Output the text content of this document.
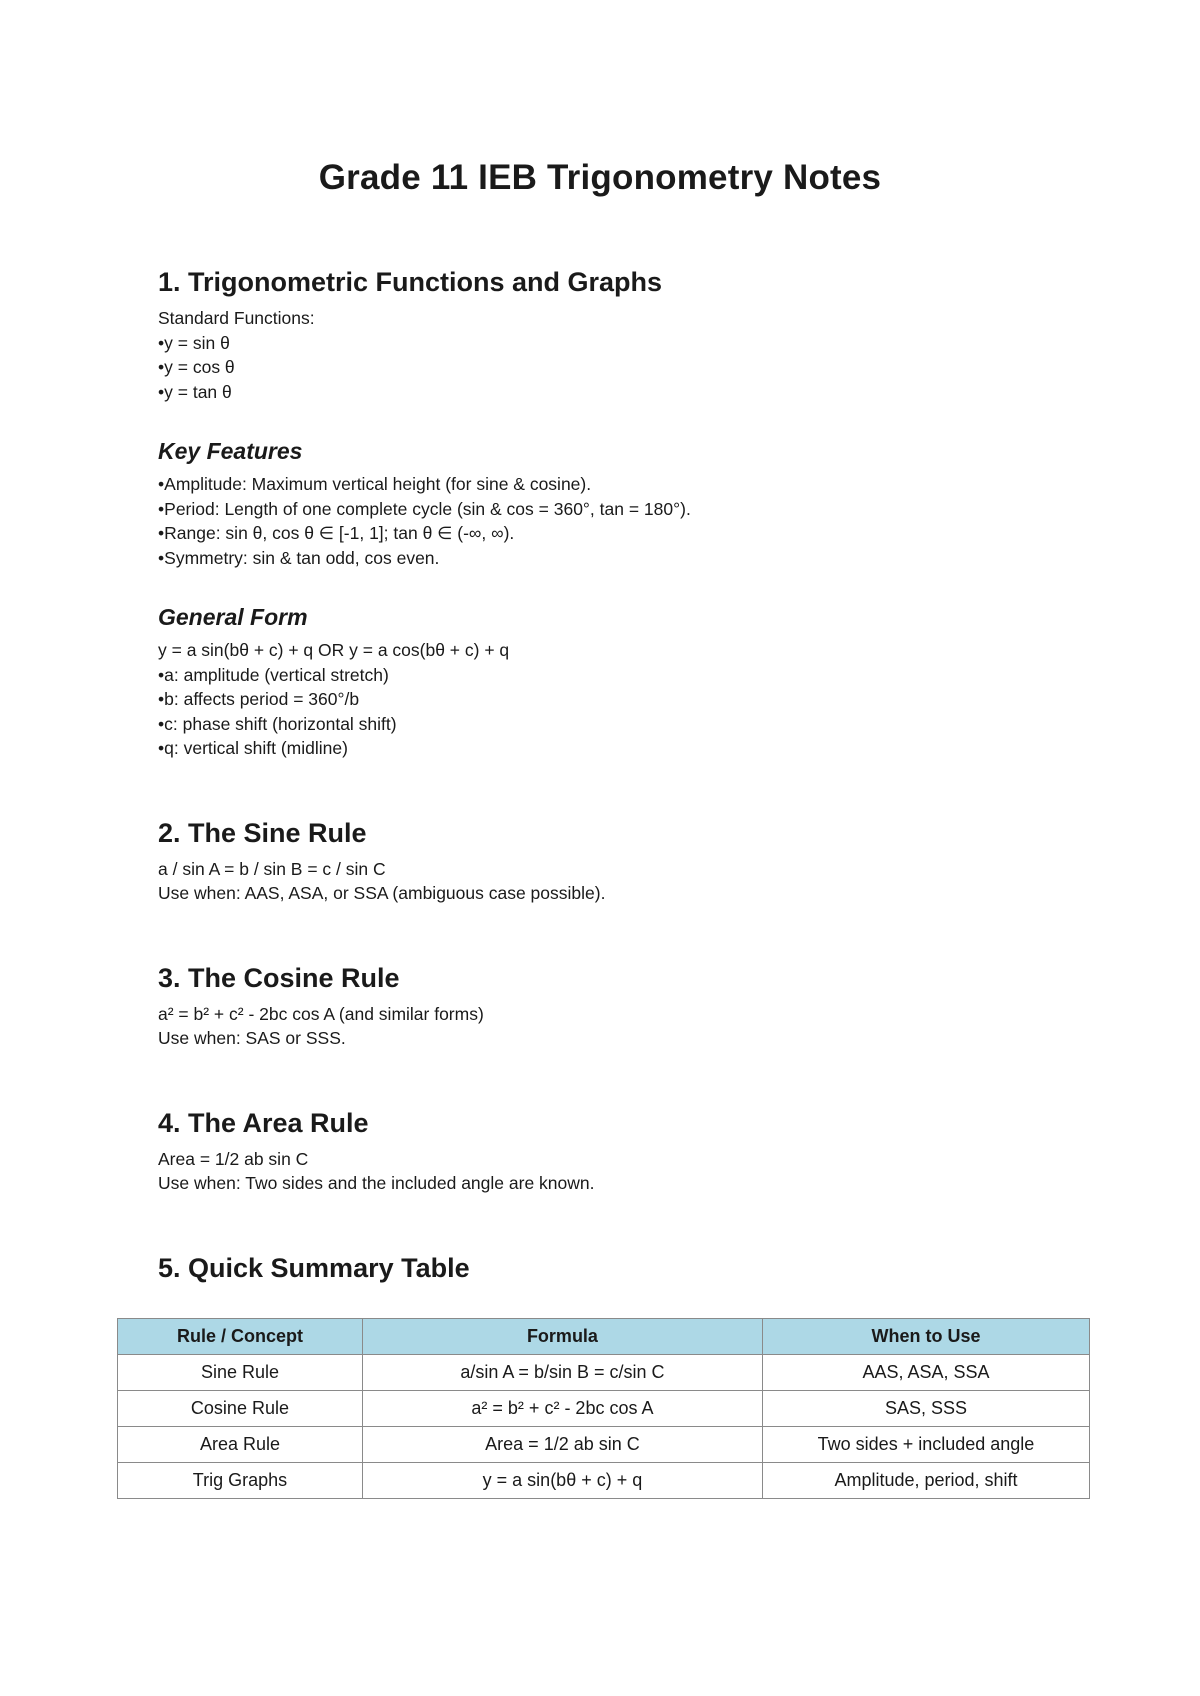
Grade 11 IEB Trigonometry Notes
1. Trigonometric Functions and Graphs
Standard Functions:
• y = sin θ
• y = cos θ
• y = tan θ
Key Features
• Amplitude: Maximum vertical height (for sine & cosine).
• Period: Length of one complete cycle (sin & cos = 360°, tan = 180°).
• Range: sin θ, cos θ ∈ [-1, 1]; tan θ ∈ (-∞, ∞).
• Symmetry: sin & tan odd, cos even.
General Form
y = a sin(bθ + c) + q OR y = a cos(bθ + c) + q
• a: amplitude (vertical stretch)
• b: affects period = 360°/b
• c: phase shift (horizontal shift)
• q: vertical shift (midline)
2. The Sine Rule
a / sin A = b / sin B = c / sin C
Use when: AAS, ASA, or SSA (ambiguous case possible).
3. The Cosine Rule
a² = b² + c² - 2bc cos A (and similar forms)
Use when: SAS or SSS.
4. The Area Rule
Area = 1/2 ab sin C
Use when: Two sides and the included angle are known.
5. Quick Summary Table
Rule / Concept	Formula	When to Use
Sine Rule	a/sin A = b/sin B = c/sin C	AAS, ASA, SSA
Cosine Rule	a² = b² + c² - 2bc cos A	SAS, SSS
Area Rule	Area = 1/2 ab sin C	Two sides + included angle
Trig Graphs	y = a sin(bθ + c) + q	Amplitude, period, shift
